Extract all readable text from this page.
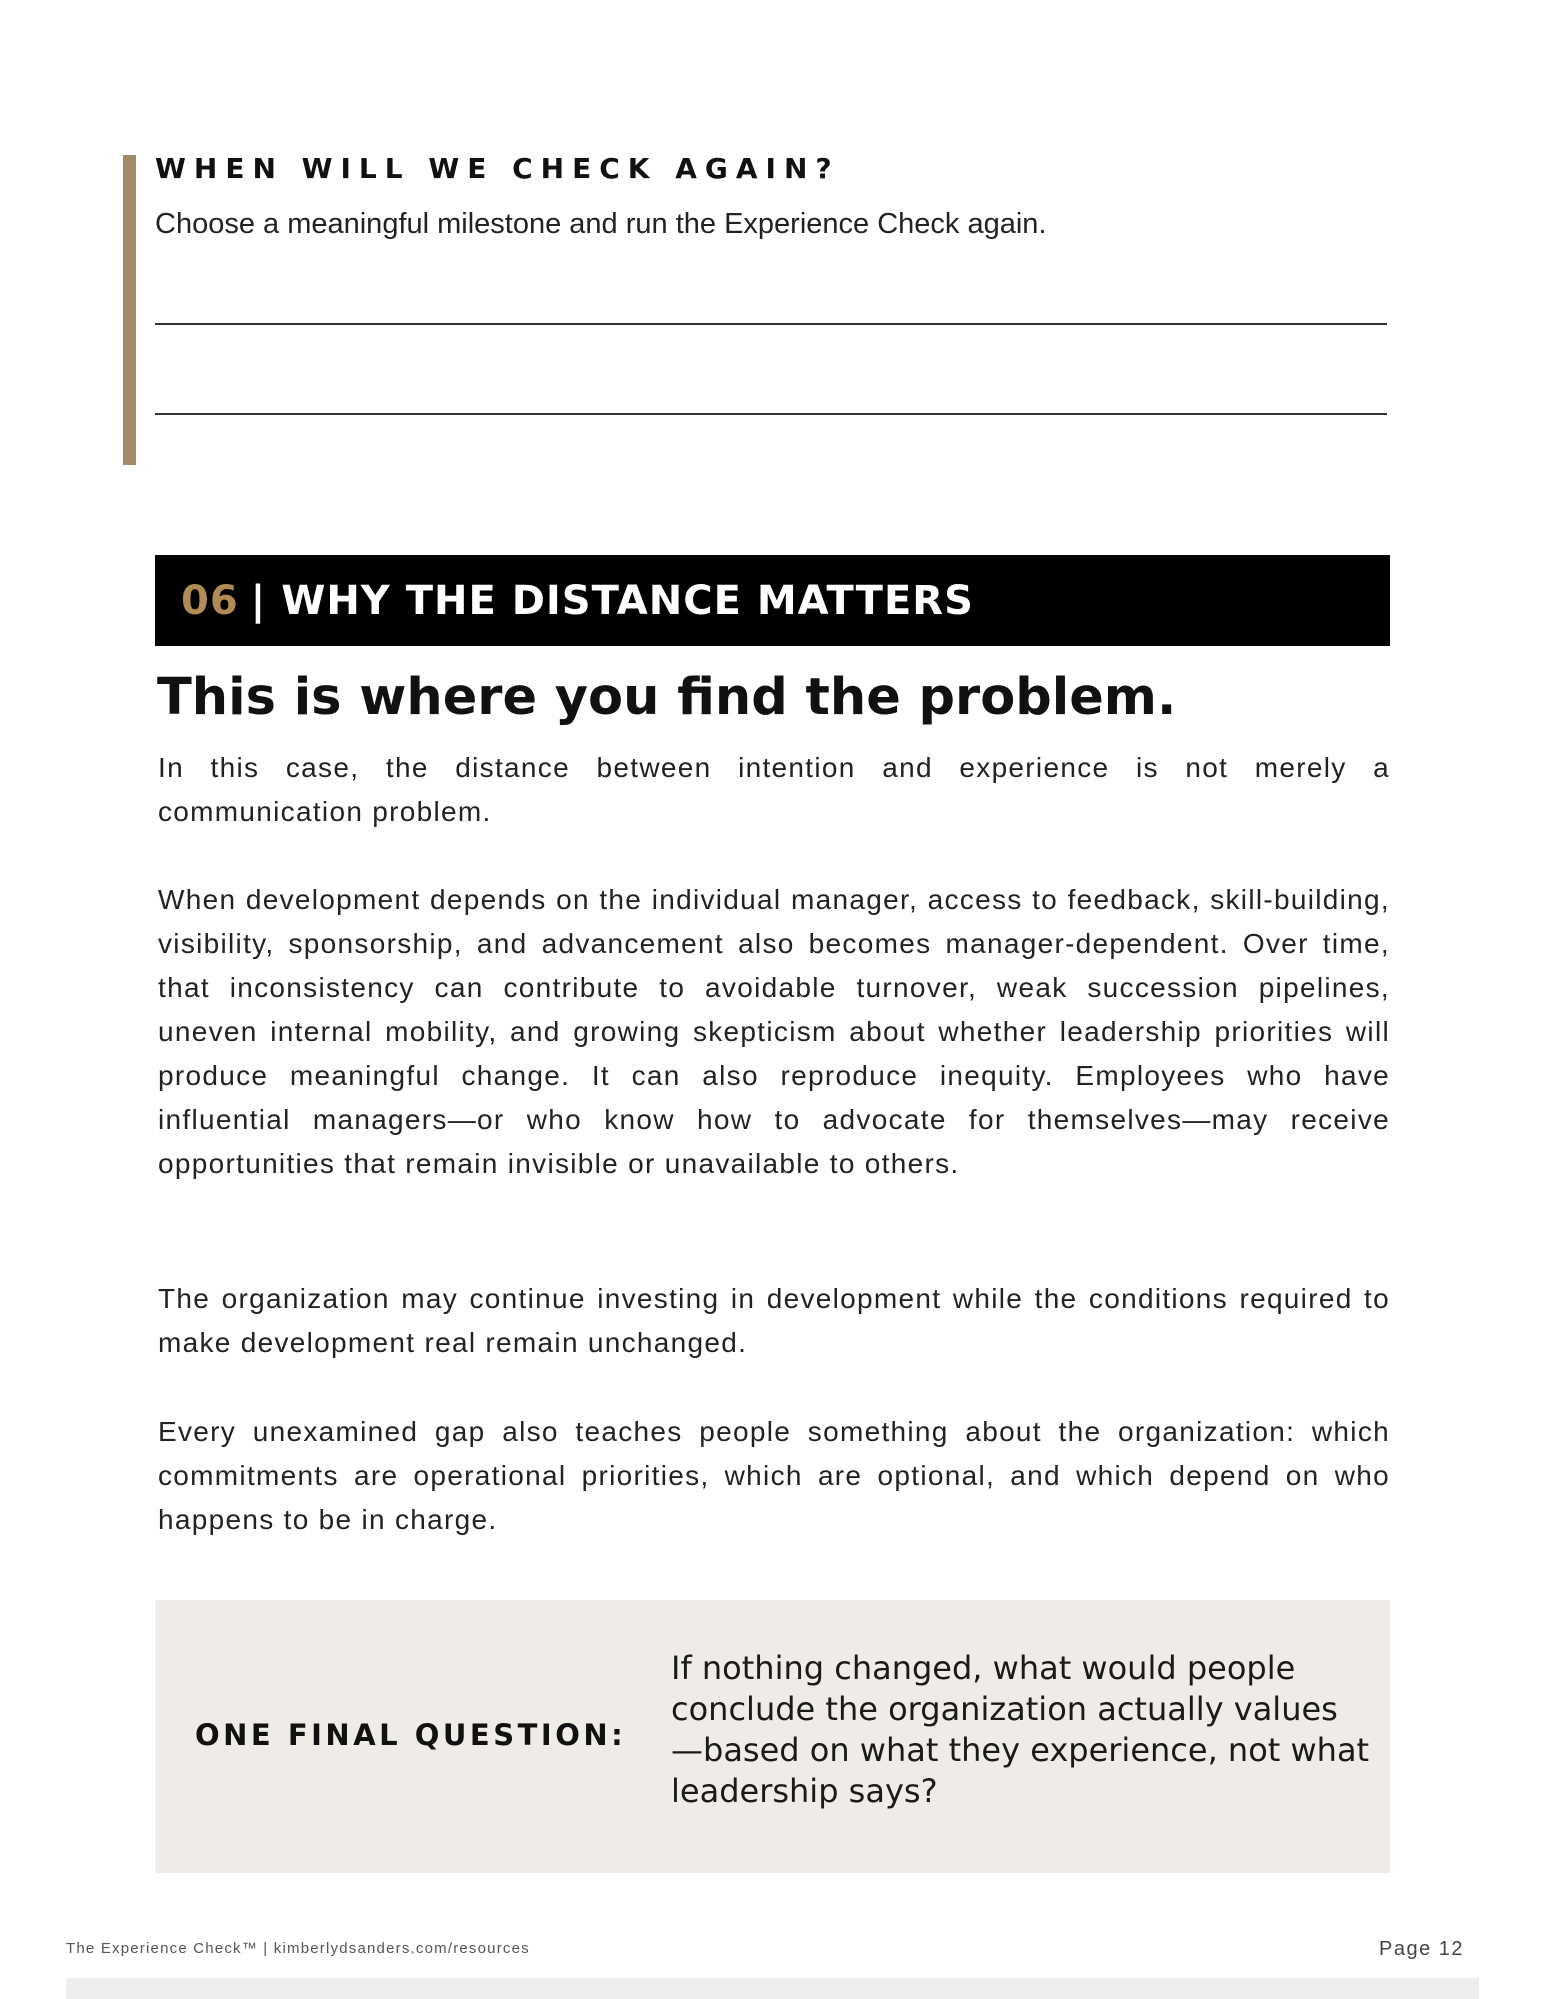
WHEN WILL WE CHECK AGAIN?
Choose a meaningful milestone and run the Experience Check again.
06 | WHY THE DISTANCE MATTERS
This is where you find the problem.

In this case, the distance between intention and experience is not merely a communication problem.

When development depends on the individual manager, access to feedback, skill-building, visibility, sponsorship, and advancement also becomes manager-dependent. Over time, that inconsistency can contribute to avoidable turnover, weak succession pipelines, uneven internal mobility, and growing skepticism about whether leadership priorities will produce meaningful change. It can also reproduce inequity. Employees who have influential managers—or who know how to advocate for themselves—may receive opportunities that remain invisible or unavailable to others.

The organization may continue investing in development while the conditions required to make development real remain unchanged.

Every unexamined gap also teaches people something about the organization: which commitments are operational priorities, which are optional, and which depend on who happens to be in charge.

ONE FINAL QUESTION:

If nothing changed, what would people conclude the organization actually values —based on what they experience, not what leadership says?

The Experience Check™ | kimberlydsanders.com/resources	Page 12
